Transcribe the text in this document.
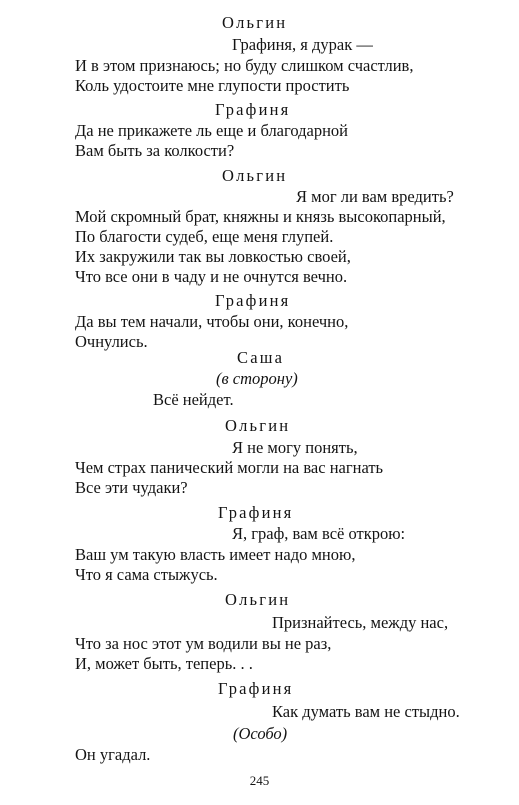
Ольгин
Графиня, я дурак —
И в этом признаюсь; но буду слишком счастлив,
Коль удостоите мне глупости простить
Графиня
Да не прикажете ль еще и благодарной
Вам быть за колкости?
Ольгин
Я мог ли вам вредить?
Мой скромный брат, княжны и князь высокопарный,
По благости судеб, еще меня глупей.
Их закружили так вы ловкостью своей,
Что все они в чаду и не очнутся вечно.
Графиня
Да вы тем начали, чтобы они, конечно,
Очнулись.
Саша
(в сторону)
Всё нейдет.
Ольгин
Я не могу понять,
Чем страх панический могли на вас нагнать
Все эти чудаки?
Графиня
Я, граф, вам всё открою:
Ваш ум такую власть имеет надо мною,
Что я сама стыжусь.
Ольгин
Признайтесь, между нас,
Что за нос этот ум водили вы не раз,
И, может быть, теперь. . .
Графиня
Как думать вам не стыдно.
(Особо)
Он угадал.
245
